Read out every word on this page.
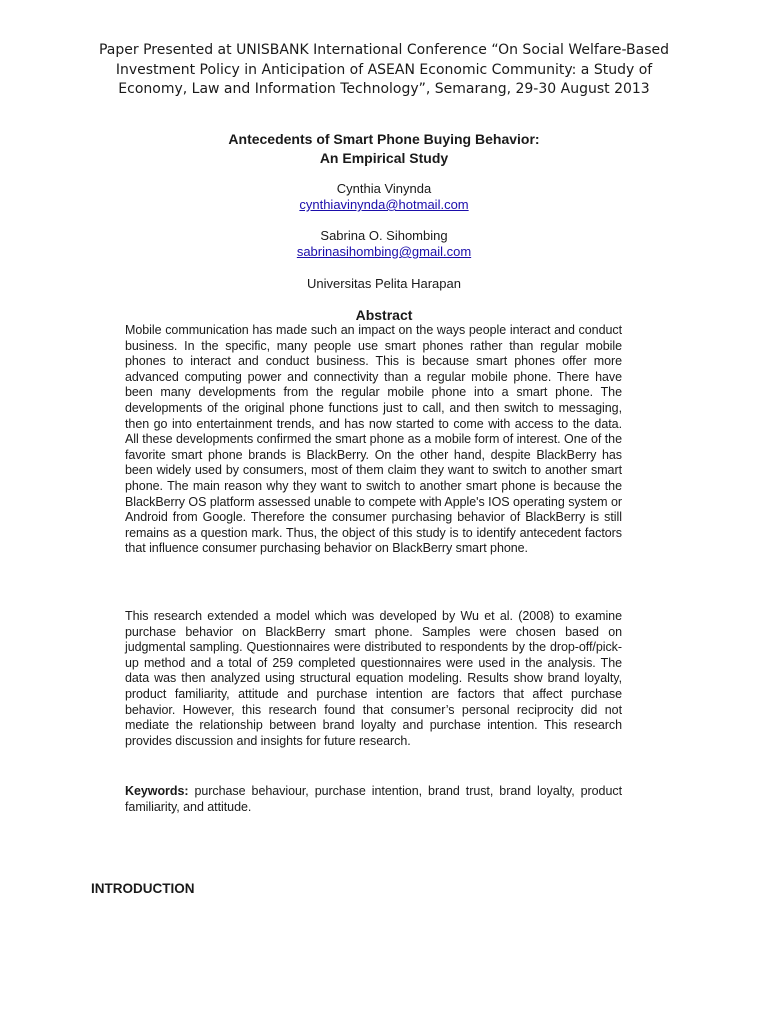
Paper Presented at UNISBANK International Conference “On Social Welfare-Based Investment Policy in Anticipation of ASEAN Economic Community: a Study of Economy, Law and Information Technology”, Semarang, 29-30 August 2013
Antecedents of Smart Phone Buying Behavior:
An Empirical Study
Cynthia Vinynda
cynthiavinynda@hotmail.com
Sabrina O. Sihombing
sabrinasihombing@gmail.com
Universitas Pelita Harapan
Abstract
Mobile communication has made such an impact on the ways people interact and conduct business. In the specific, many people use smart phones rather than regular mobile phones to interact and conduct business. This is because smart phones offer more advanced computing power and connectivity than a regular mobile phone. There have been many developments from the regular mobile phone into a smart phone. The developments of the original phone functions just to call, and then switch to messaging, then go into entertainment trends, and has now started to come with access to the data. All these developments confirmed the smart phone as a mobile form of interest. One of the favorite smart phone brands is BlackBerry. On the other hand, despite BlackBerry has been widely used by consumers, most of them claim they want to switch to another smart phone. The main reason why they want to switch to another smart phone is because the BlackBerry OS platform assessed unable to compete with Apple's IOS operating system or Android from Google. Therefore the consumer purchasing behavior of BlackBerry is still remains as a question mark. Thus, the object of this study is to identify antecedent factors that influence consumer purchasing behavior on BlackBerry smart phone.
This research extended a model which was developed by Wu et al. (2008) to examine purchase behavior on BlackBerry smart phone. Samples were chosen based on judgmental sampling. Questionnaires were distributed to respondents by the drop-off/pick-up method and a total of 259 completed questionnaires were used in the analysis. The data was then analyzed using structural equation modeling. Results show brand loyalty, product familiarity, attitude and purchase intention are factors that affect purchase behavior. However, this research found that consumer’s personal reciprocity did not mediate the relationship between brand loyalty and purchase intention. This research provides discussion and insights for future research.
Keywords: purchase behaviour, purchase intention, brand trust, brand loyalty, product familiarity, and attitude.
INTRODUCTION
